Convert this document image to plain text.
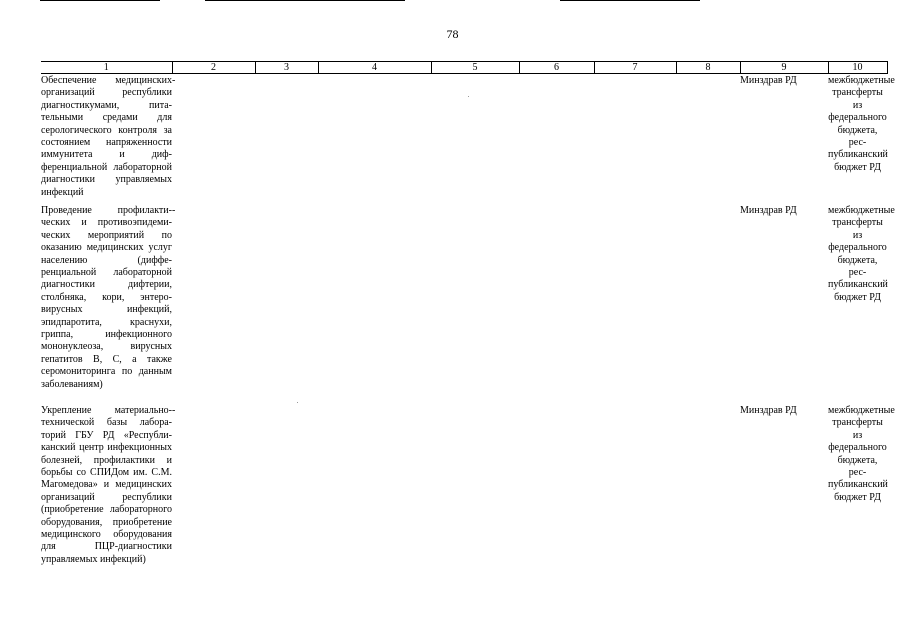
78
1	2	3	4	5	6	7	8	9	10
Обеспечение медицинских организаций республики диагностикумами, питательными средами для серологического контроля за состоянием напряженности иммунитета и дифференциальной лабораторной диагностики управляемых инфекций	-							Минздрав РД	межбюджетные трансферты из федерального бюджета, республиканский бюджет РД
Проведение профилактических и противоэпидемических мероприятий по оказанию медицинских услуг населению (дифференциальной лабораторной диагностики дифтерии, столбняка, кори, энтеровирусных инфекций, эпидпаротита, краснухи, гриппа, инфекционного мононуклеоза, вирусных гепатитов В, С, а также серомониторинга по данным заболеваниям)	-							Минздрав РД	межбюджетные трансферты из федерального бюджета, республиканский бюджет РД
Укрепление материально-технической базы лабораторий ГБУ РД «Республиканский центр инфекционных болезней, профилактики и борьбы со СПИДом им. С.М. Магомедова» и медицинских организаций республики (приобретение лабораторного оборудования, приобретение медицинского оборудования для ПЦР-диагностики управляемых инфекций)	-							Минздрав РД	межбюджетные трансферты из федерального бюджета, республиканский бюджет РД
